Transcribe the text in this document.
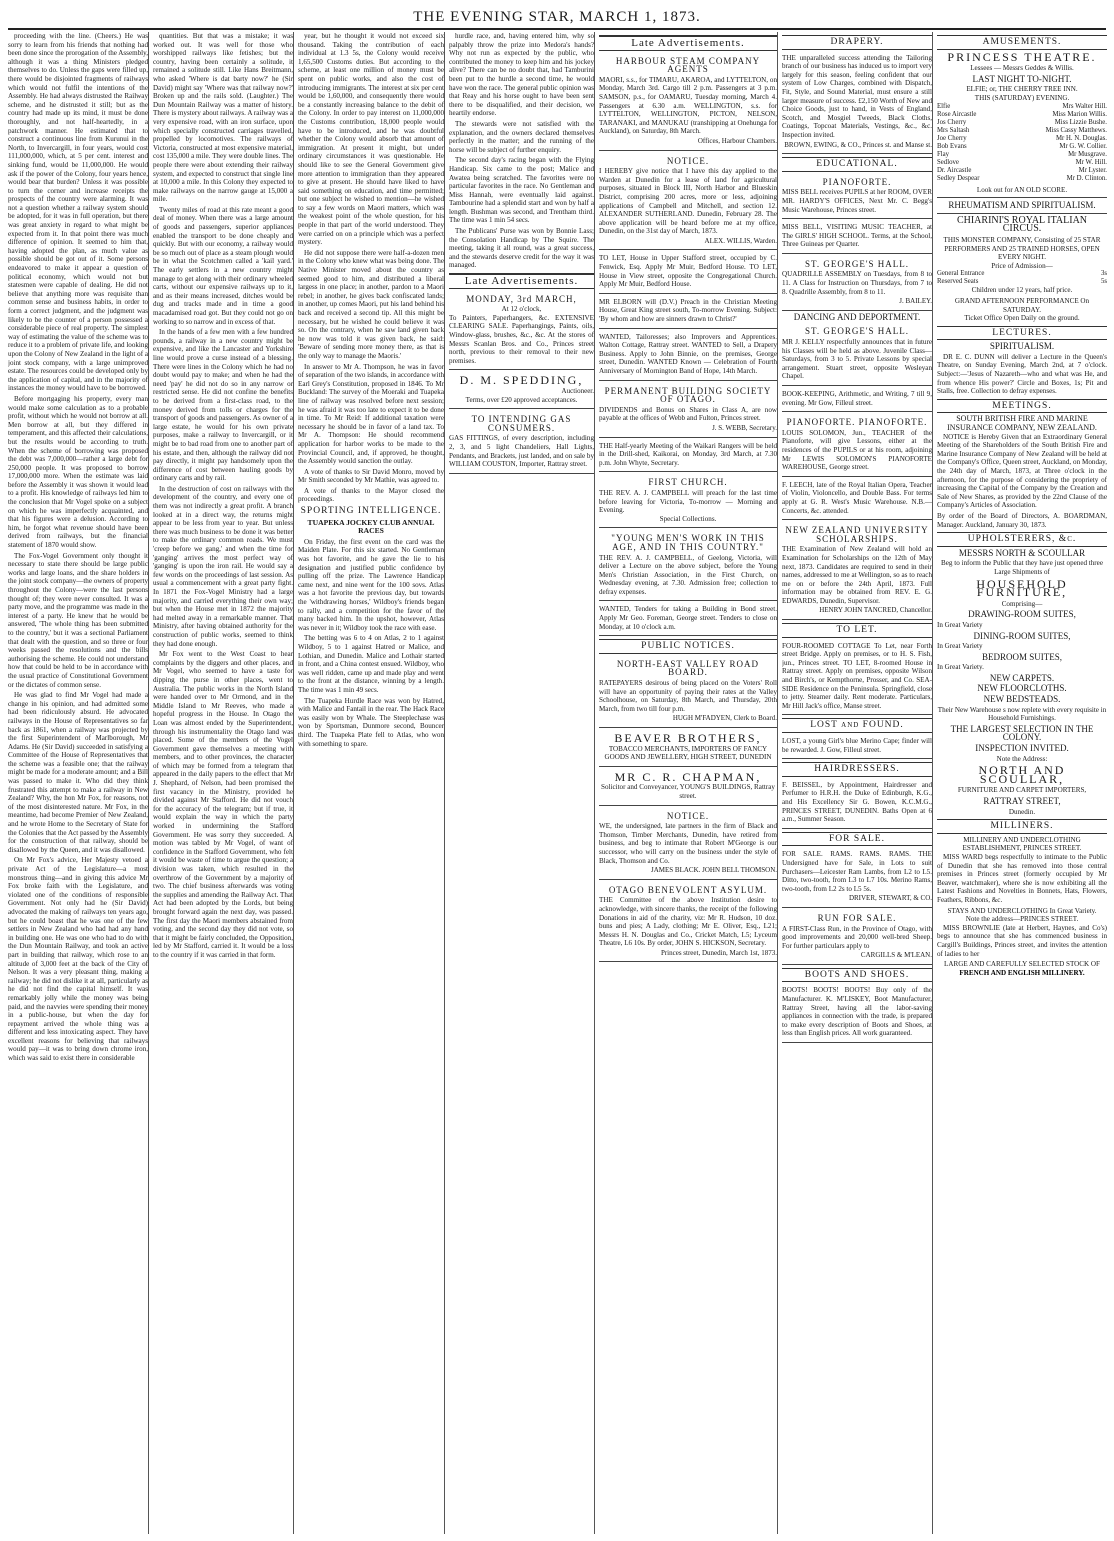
THE EVENING STAR, MARCH 1, 1873.

proceeding with the line. (Cheers.) He was sorry to learn from his friends that nothing had been done since the prorogation of the Assembly, although it was a thing Ministers pledged themselves to do. Unless the gaps were filled up, there would be disjointed fragments of railways which would not fulfil the intentions of the Assembly. He had always distrusted the Railway scheme, and he distrusted it still; but as the country had made up its mind, it must be done thoroughly, and not half-heartedly, in a patchwork manner. He estimated that to construct a continuous line from Kurunui in the North, to Invercargill, in four years, would cost 111,000,000, which, at 5 per cent. interest and sinking fund, would be 11,000,000. He would ask if the power of the Colony, four years hence, would bear that burden? Unless it was possible to turn the corner and increase receipts the prospects of the country were alarming. It was not a question whether a railway system should be adopted, for it was in full operation, but there was great anxiety in regard to what might be expected from it. In that point there was much difference of opinion. It seemed to him that, having adopted the plan, as much value as possible should be got out of it. Some persons endeavored to make it appear a question of political economy, which would not but statesmen were capable of dealing. He did not believe that anything more was requisite than common sense and business habits, in order to form a correct judgment, and the judgment was likely to be the counter of a person possessed a considerable piece of real property. The simplest way of estimating the value of the scheme was to reduce it to a problem of private life, and looking upon the Colony of New Zealand in the light of a joint stock company, with a large unimproved estate. The resources could be developed only by the application of capital, and in the majority of instances the money would have to be borrowed.

Before mortgaging his property, every man would make some calculation as to a probable profit, without which he would not borrow at all. Men borrow at all, but they differed in temperament, and this affected their calculations, but the results would be according to truth. When the scheme of borrowing was proposed the debt was 7,000,000—rather a large debt for 250,000 people. It was proposed to borrow 17,000,000 more. When the estimate was laid before the Assembly it was shown it would lead to a profit. His knowledge of railways led him to the conclusion that Mr Vogel spoke on a subject on which he was imperfectly acquainted, and that his figures were a delusion. According to him, he forgot what revenue should have been derived from railways, but the financial statement of 1870 would show.

The Fox-Vogel Government only thought it necessary to state there should be large public works and large loans, and the share holders in the joint stock company—the owners of property throughout the Colony—were the last persons thought of; they were never consulted. It was a party move, and the programme was made in the interest of a party. He knew that he would be answered, 'The whole thing has been submitted to the country,' but it was a sectional Parliament that dealt with the question, and so three or four weeks passed the resolutions and the bills authorising the scheme. He could not understand how that could be held to be in accordance with the usual practice of Constitutional Government or the dictates of common sense.

He was glad to find Mr Vogel had made a change in his opinion, and had admitted some had been ridiculously absurd. He advocated railways in the House of Representatives so far back as 1861, when a railway was projected by the first Superintendent of Marlborough, Mr Adams. He (Sir David) succeeded in satisfying a Committee of the House of Representatives that the scheme was a feasible one; that the railway might be made for a moderate amount; and a Bill was passed to make it. Who did they think frustrated this attempt to make a railway in New Zealand? Why, the hon Mr Fox, for reasons, not of the most disinterested nature. Mr Fox, in the meantime, had become Premier of New Zealand, and he wrote Home to the Secretary of State for the Colonies that the Act passed by the Assembly for the construction of that railway, should be disallowed by the Queen, and it was disallowed.

On Mr Fox's advice, Her Majesty vetoed a private Act of the Legislature—a most monstrous thing—and in giving this advice Mr Fox broke faith with the Legislature, and violated one of the conditions of responsible Government. Not only had he (Sir David) advocated the making of railways ten years ago, but he could boast that he was one of the few settlers in New Zealand who had had any hand in building one. He was one who had to do with the Dun Mountain Railway, and took an active part in building that railway, which rose to an altitude of 3,000 feet at the back of the City of Nelson. It was a very pleasant thing, making a railway; he did not dislike it at all, particularly as he did not find the capital himself. It was remarkably jolly while the money was being paid, and the navvies were spending their money in a public-house, but when the day for repayment arrived the whole thing was a different and less intoxicating aspect. They have excellent reasons for believing that railways would pay—it was to bring down chrome iron, which was said to exist there in considerable

quantities. But that was a mistake; it was worked out. It was well for those who worshipped railways like fetishes; but the country, having been certainly a solitude, it remained a solitude still. Like Hans Breitmann, who asked 'Where is dat barty now?' he (Sir David) might say 'Where was that railway now?' Broken up and the rails sold. (Laughter.) The Dun Mountain Railway was a matter of history. There is mystery about railways. A railway was a very expensive road, with an iron surface, upon which specially constructed carriages travelled, propelled by locomotives. The railways of Victoria, constructed at most expensive material, cost 135,000 a mile. They were double lines. The people there were about extending their railway system, and expected to construct that single line at 10,000 a mile. In this Colony they expected to make railways on the narrow gauge at 15,000 a mile.

Twenty miles of road at this rate meant a good deal of money. When there was a large amount of goods and passengers, superior appliances enabled the transport to be done cheaply and quickly. But with our economy, a railway would be so much out of place as a steam plough would be in what the Scotchmen called a 'kail yard.' The early settlers in a new country might manage to get along with their ordinary wheeled carts, without our expensive railways up to it, and as their means increased, ditches would be dug and tracks made and in time a good macadamised road got. But they could not go on working to so narrow and in excess of that.

In the hands of a few men with a few hundred pounds, a railway in a new country might be expensive, and like the Lancaster and Yorkshire line would prove a curse instead of a blessing. There were lines in the Colony which he had no doubt would pay to make; and when he had the need 'pay' he did not do so in any narrow or restricted sense. He did not confine the benefits to be derived from a first-class road, to the money derived from tolls or charges for the transport of goods and passengers. As owner of a large estate, he would for his own private purposes, make a railway to Invercargill, or it might be to bad road from one to another part of his estate, and then, although the railway did not pay directly, it might pay handsomely upon the difference of cost between hauling goods by ordinary carts and by rail.

In the destruction of cost on railways with the development of the country, and every one of them was not indirectly a great profit. A branch looked at in a direct way, the returns might appear to be less from year to year. But unless there was much business to be done it was better to make the ordinary common roads. We must 'creep before we gang,' and when the time for 'ganging' arrives the most perfect way of 'ganging' is upon the iron rail. He would say a few words on the proceedings of last session. As usual a commencement with a great party fight. In 1871 the Fox-Vogel Ministry had a large majority, and carried everything their own way; but when the House met in 1872 the majority had melted away in a remarkable manner. That Ministry, after having obtained authority for the construction of public works, seemed to think they had done enough.

Mr Fox went to the West Coast to hear complaints by the diggers and other places, and Mr Vogel, who seemed to have a taste for dipping the purse in other places, went to Australia. The public works in the North Island were handed over to Mr Ormond, and in the Middle Island to Mr Reeves, who made a hopeful progress in the House. In Otago the Loan was almost ended by the Superintendent, through his instrumentality the Otago land was placed. Some of the members of the Vogel Government gave themselves a meeting with members, and to other provinces, the character of which may be formed from a telegram that appeared in the daily papers to the effect that Mr J. Shephard, of Nelson, had been promised the first vacancy in the Ministry, provided he divided against Mr Stafford. He did not vouch for the accuracy of the telegram; but if true, it would explain the way in which the party worked in undermining the Stafford Government. He was sorry they succeeded. A motion was tabled by Mr Vogel, of want of confidence in the Stafford Government, who felt it would be waste of time to argue the question; a division was taken, which resulted in the overthrow of the Government by a majority of two. The chief business afterwards was voting the supplies and amending the Railway Act. That Act had been adopted by the Lords, but being brought forward again the next day, was passed. The first day the Maori members abstained from voting, and the second day they did not vote, so that it might be fairly concluded, the Opposition, led by Mr Stafford, carried it. It would be a loss to the country if it was carried in that form.

year, but he thought it would not exceed six thousand. Taking the contribution of each individual at 1.3 5s, the Colony would receive 1,65,500 Customs duties. But according to the scheme, at least one million of money must be spent on public works, and also the cost of introducing immigrants. The interest at six per cent would be 1,60,000, and consequently there would be a constantly increasing balance to the debit of the Colony. In order to pay interest on 11,000,000 the Customs contribution, 18,000 people would have to be introduced, and he was doubtful whether the Colony would absorb that amount of immigration. At present it might, but under ordinary circumstances it was questionable. He should like to see the General Government give more attention to immigration than they appeared to give at present. He should have liked to have said something on education, and time permitted; but one subject he wished to mention—he wished to say a few words on Maori matters, which was the weakest point of the whole question, for his people in that part of the world understood. They were carried on on a principle which was a perfect mystery.

He did not suppose there were half-a-dozen men in the Colony who knew what was being done. The Native Minister moved about the country as seemed good to him, and distributed a liberal largess in one place; in another, pardon to a Maori rebel; in another, he gives back confiscated lands; in another, up comes Maori, put his land behind his back and received a second tip. All this might be necessary, but he wished he could believe it was so. On the contrary, when he saw land given back he now was told it was given back, he said: 'Beware of sending more money there, as that is the only way to manage the Maoris.'

In answer to Mr A. Thompson, he was in favor of separation of the two islands, in accordance with Earl Grey's Constitution, proposed in 1846. To Mr Buckland: The survey of the Moeraki and Tuapeka line of railway was resolved before next session; he was afraid it was too late to expect it to be done in time. To Mr Reid: If additional taxation were necessary he should be in favor of a land tax. To Mr A. Thompson: He should recommend application for harbor works to be made to the Provincial Council, and, if approved, he thought, the Assembly would sanction the outlay.

A vote of thanks to Sir David Monro, moved by Mr Smith seconded by Mr Mathie, was agreed to.

A vote of thanks to the Mayor closed the proceedings.

SPORTING INTELLIGENCE.
TUAPEKA JOCKEY CLUB ANNUAL RACES

On Friday, the first event on the card was the Maiden Plate. For this six started. No Gentleman was hot favorite, and he gave the lie to his designation and justified public confidence by pulling off the prize. The Lawrence Handicap came next, and nine went for the 100 sovs. Atlas was a hot favorite the previous day, but towards the 'withdrawing horses,' Wildboy's friends began to rally, and a competition for the favor of the many backed him. In the upshot, however, Atlas was never in it; Wildboy took the race with ease.

The betting was 6 to 4 on Atlas, 2 to 1 against Wildboy, 5 to 1 against Hatred or Malice, and Lothian, and Dunedin. Malice and Lothair started in front, and a China contest ensued. Wildboy, who was well ridden, came up and made play and went to the front at the distance, winning by a length. The time was 1 min 49 secs.

The Tuapeka Hurdle Race was won by Hatred, with Malice and Fantail in the rear. The Hack Race was easily won by Whale. The Steeplechase was won by Sportsman, Dunmore second, Bouncer third. The Tuapeka Plate fell to Atlas, who won with something to spare.

hurdle race, and, having entered him, why so palpably throw the prize into Medora's hands? Why not run as expected by the public, who contributed the money to keep him and his jockey alive? There can be no doubt that, had Tamburini been put to the hurdle a second time, he would have won the race. The general public opinion was that Reay and his horse ought to have been sent there to be disqualified, and their decision, we heartily endorse.

The stewards were not satisfied with the explanation, and the owners declared themselves perfectly in the matter; and the running of the horse will be subject of further enquiry.

The second day's racing began with the Flying Handicap. Six came to the post; Malice and Awatea being scratched. The favorites were no particular favorites in the race. No Gentleman and Miss Hannah, were eventually laid against. Tambourine had a splendid start and won by half a length. Bushman was second, and Trentham third. The time was 1 min 54 secs.

The Publicans' Purse was won by Bonnie Lass; the Consolation Handicap by The Squire. The meeting, taking it all round, was a great success, and the stewards deserve credit for the way it was managed.

Late Advertisements.
MONDAY, 3rd MARCH,
At 12 o'clock,
To Painters, Paperhangers, &c. EXTENSIVE CLEARING SALE. Paperhangings, Paints, oils, Window-glass, brushes, &c., &c. At the stores of Messrs Scanlan Bros. and Co., Princes street north, previous to their removal to their new premises.
D. M. SPEDDING,
Auctioneer.
Terms, over £20 approved acceptances.
TO INTENDING GAS CONSUMERS.
GAS FITTINGS, of every description, including 2, 3, and 5 light Chandeliers, Hall Lights, Pendants, and Brackets, just landed, and on sale by WILLIAM COUSTON, Importer, Rattray street.
Late Advertisements.
HARBOUR STEAM COMPANY AGENTS
MAORI, s.s., for TIMARU, AKAROA, and LYTTELTON, on Monday, March 3rd. Cargo till 2 p.m. Passengers at 3 p.m. SAMSON, p.s., for OAMARU, Tuesday morning, March 4. Passengers at 6.30 a.m. WELLINGTON, s.s. for LYTTELTON, WELLINGTON, PICTON, NELSON, TARANAKI, and MANUKAU (transhipping at Onehunga for Auckland), on Saturday, 8th March.
Offices, Harbour Chambers.
NOTICE.
I HEREBY give notice that I have this day applied to the Warden at Dunedin for a lease of land for agricultural purposes, situated in Block III, North Harbor and Blueskin District, comprising 200 acres, more or less, adjoining applications of Campbell and Mitchell, and section 12. ALEXANDER SUTHERLAND. Dunedin, February 28. The above application will be heard before me at my office, Dunedin, on the 31st day of March, 1873.
ALEX. WILLIS, Warden.
TO LET, House in Upper Stafford street, occupied by C. Fenwick, Esq. Apply Mr Muir, Bedford House. TO LET, House in View street, opposite the Congregational Church. Apply Mr Muir, Bedford House.
MR ELBORN will (D.V.) Preach in the Christian Meeting House, Great King street south, To-morrow Evening. Subject: 'By whom and how are sinners drawn to Christ?'
WANTED, Tailoresses; also Improvers and Apprentices. Walton Cottage, Rattray street. WANTED to Sell, a Drapery Business. Apply to John Binnie, on the premises, George street, Dunedin. WANTED Known — Celebration of Fourth Anniversary of Mornington Band of Hope, 14th March.
PERMANENT BUILDING SOCIETY OF OTAGO.
DIVIDENDS and Bonus on Shares in Class A, are now payable at the offices of Webb and Fulton, Princes street.
J. S. WEBB, Secretary.
THE Half-yearly Meeting of the Waikari Rangers will be held in the Drill-shed, Kaikorai, on Monday, 3rd March, at 7.30 p.m. John Whyte, Secretary.
FIRST CHURCH.
THE REV. A. J. CAMPBELL will preach for the last time before leaving for Victoria, To-morrow — Morning and Evening.
Special Collections.
"YOUNG MEN'S WORK IN THIS AGE, AND IN THIS COUNTRY."
THE REV. A. J. CAMPBELL, of Geelong, Victoria, will deliver a Lecture on the above subject, before the Young Men's Christian Association, in the First Church, on Wednesday evening, at 7.30. Admission free; collection to defray expenses.
WANTED, Tenders for taking a Building in Bond street. Apply Mr Geo. Foreman, George street. Tenders to close on Monday, at 10 o'clock a.m.
PUBLIC NOTICES.
NORTH-EAST VALLEY ROAD BOARD.
RATEPAYERS desirous of being placed on the Voters' Roll will have an opportunity of paying their rates at the Valley Schoolhouse, on Saturday, 8th March, and Thursday, 20th March, from two till four p.m.
HUGH M'FADYEN, Clerk to Board.
BEAVER BROTHERS,
TOBACCO MERCHANTS, IMPORTERS OF FANCY GOODS AND JEWELLERY, HIGH STREET, DUNEDIN
MR C. R. CHAPMAN,
Solicitor and Conveyancer, YOUNG'S BUILDINGS, Rattray street.
NOTICE.
WE, the undersigned, late partners in the firm of Black and Thomson, Timber Merchants, Dunedin, have retired from business, and beg to intimate that Robert M'George is our successor, who will carry on the business under the style of Black, Thomson and Co.
JAMES BLACK. JOHN BELL THOMSON.
OTAGO BENEVOLENT ASYLUM.
THE Committee of the above Institution desire to acknowledge, with sincere thanks, the receipt of the following Donations in aid of the charity, viz: Mr R. Hudson, 10 doz. buns and pies; A Lady, clothing; Mr E. Oliver, Esq., L21; Messrs H. N. Douglas and Co., Cricket Match, L5; Lyceum Theatre, L6 10s. By order, JOHN S. HICKSON, Secretary.
Princes street, Dunedin, March 1st, 1873.
DRAPERY.
THE unparalleled success attending the Tailoring branch of our business has induced us to import very largely for this season, feeling confident that our system of Low Charges, combined with Dispatch, Fit, Style, and Sound Material, must ensure a still larger measure of success. £2,150 Worth of New and Choice Goods, just to hand, in Vests of England, Scotch, and Mosgiel Tweeds, Black Cloths, Coatings, Topcoat Materials, Vestings, &c., &c. Inspection invited.
BROWN, EWING, & CO., Princes st. and Manse st.
EDUCATIONAL.
PIANOFORTE.
MISS BELL receives PUPILS at her ROOM, OVER MR. HARDY'S OFFICES, Next Mr. C. Begg's Music Warehouse, Princes street.
MISS BELL, VISITING MUSIC TEACHER, at The GIRLS' HIGH SCHOOL. Terms, at the School, Three Guineas per Quarter.
ST. GEORGE'S HALL.
QUADRILLE ASSEMBLY on Tuesdays, from 8 to 11. A Class for Instruction on Thursdays, from 7 to 8. Quadrille Assembly, from 8 to 11.
J. BAILEY.
DANCING AND DEPORTMENT.
ST. GEORGE'S HALL.
MR J. KELLY respectfully announces that in future his Classes will be held as above. Juvenile Class—Saturdays, from 3 to 5. Private Lessons by special arrangement. Stuart street, opposite Wesleyan Chapel.
BOOK-KEEPING, Arithmetic, and Writing, 7 till 9, evening. Mr Gow, Filleul street.
PIANOFORTE. PIANOFORTE.
LOUIS SOLOMON, Jun., TEACHER of the Pianoforte, will give Lessons, either at the residences of the PUPILS or at his room, adjoining Mr LEWIS SOLOMON'S PIANOFORTE WAREHOUSE, George street.
F. LEECH, late of the Royal Italian Opera, Teacher of Violin, Violoncello, and Double Bass. For terms apply at G. R. West's Music Warehouse. N.B.—Concerts, &c. attended.
NEW ZEALAND UNIVERSITY SCHOLARSHIPS.
THE Examination of New Zealand will hold an Examination for Scholarships on the 12th of May next, 1873. Candidates are required to send in their names, addressed to me at Wellington, so as to reach me on or before the 24th April, 1873. Full information may be obtained from REV. E. G. EDWARDS, Dunedin, Supervisor.
HENRY JOHN TANCRED, Chancellor.
TO LET.
FOUR-ROOMED COTTAGE To Let, near Forth street Bridge. Apply on premises, or to H. S. Fish, jun., Princes street. TO LET, 8-roomed House in Rattray street. Apply on premises, opposite Wilson and Birch's, or Kempthorne, Prosser, and Co. SEA-SIDE Residence on the Peninsula. Springfield, close to jetty. Steamer daily. Rent moderate. Particulars, Mr Hill Jack's office, Manse street.
LOST and FOUND.
LOST, a young Girl's blue Merino Cape; finder will be rewarded. J. Gow, Filleul street.
HAIRDRESSERS.
F. BEISSEL, by Appointment, Hairdresser and Perfumer to H.R.H. the Duke of Edinburgh, K.G., and His Excellency Sir G. Bowen, K.C.M.G., PRINCES STREET, DUNEDIN. Baths Open at 6 a.m., Summer Season.
FOR SALE.
FOR SALE. RAMS. RAMS. RAMS. THE Undersigned have for Sale, in Lots to suit Purchasers—Leicester Ram Lambs, from L2 to L5. Ditto, two-tooth, from L3 to L7 10s. Merino Rams, two-tooth, from L2 2s to L5 5s.
DRIVER, STEWART, & CO.
RUN FOR SALE.
A FIRST-Class Run, in the Province of Otago, with good improvements and 20,000 well-bred Sheep. For further particulars apply to
CARGILLS & M'LEAN.
BOOTS AND SHOES.
BOOTS! BOOTS! BOOTS! Buy only of the Manufacturer. K. M'LISKEY, Boot Manufacturer, Rattray Street, having all the labor-saving appliances in connection with the trade, is prepared to make every description of Boots and Shoes, at less than English prices. All work guaranteed.
AMUSEMENTS.
PRINCESS THEATRE.
Lessees — Messrs Geddes & Willis.
LAST NIGHT TO-NIGHT.
ELFIE; or, THE CHERRY TREE INN.
THIS (SATURDAY) EVENING.
Elfie	Mrs Walter Hill.
Rose Aircastle	Miss Marion Willis.
Jos Cherry	Miss Lizzie Bushe.
Mrs Saltash	Miss Cassy Matthews.
Joe Cherry	Mr H. N. Douglas.
Bob Evans	Mr G. W. Collier.
Flay	Mr Musgrave.
Sedlove	Mr W. Hill.
Dr. Aircastle	Mr Lyster.
Sedley Despear	Mr D. Clinton.
Look out for AN OLD SCORE.
RHEUMATISM AND SPIRITUALISM.
CHIARINI'S ROYAL ITALIAN CIRCUS.
THIS MONSTER COMPANY, Consisting of 25 STAR PERFORMERS AND 25 TRAINED HORSES, OPEN EVERY NIGHT.
Price of Admission—
General Entrance	3s
Reserved Seats	5s
Children under 12 years, half price.
GRAND AFTERNOON PERFORMANCE On SATURDAY.
Ticket Office Open Daily on the ground.
LECTURES.
SPIRITUALISM.

DR E. C. DUNN will deliver a Lecture in the Queen's Theatre, on Sunday Evening, March 2nd, at 7 o'clock. Subject:—'Jesus of Nazareth—who and what was He, and from whence His power?' Circle and Boxes, 1s; Pit and Stalls, free. Collection to defray expenses.

MEETINGS.
SOUTH BRITISH FIRE AND MARINE INSURANCE COMPANY, NEW ZEALAND.

NOTICE is Hereby Given that an Extraordinary General Meeting of the Shareholders of the South British Fire and Marine Insurance Company of New Zealand will be held at the Company's Office, Queen street, Auckland, on Monday, the 24th day of March, 1873, at Three o'clock in the afternoon, for the purpose of considering the propriety of increasing the Capital of the Company by the Creation and Sale of New Shares, as provided by the 22nd Clause of the Company's Articles of Association.

By order of the Board of Directors, A. BOARDMAN, Manager. Auckland, January 30, 1873.
UPHOLSTERERS, &c.
MESSRS NORTH & SCOULLAR
Beg to inform the Public that they have just opened three Large Shipments of
HOUSEHOLD FURNITURE,
Comprising—
DRAWING-ROOM SUITES,
In Great Variety
DINING-ROOM SUITES,
In Great Variety
BEDROOM SUITES,
In Great Variety.
NEW CARPETS.
NEW FLOORCLOTHS.
NEW BEDSTEADS.
Their New Warehouse s now replete with every requisite in Household Furnishings.
THE LARGEST SELECTION IN THE COLONY.
INSPECTION INVITED.
Note the Address:
NORTH AND SCOULLAR,
FURNITURE AND CARPET IMPORTERS,
RATTRAY STREET,
Dunedin.
MILLINERS.
MILLINERY AND UNDERCLOTHING ESTABLISHMENT, PRINCES STREET.

MISS WARD begs respectfully to intimate to the Public of Dunedin that she has removed into those central premises in Princes street (formerly occupied by Mr Beaver, watchmaker), where she is now exhibiting all the Latest Fashions and Novelties in Bonnets, Hats, Flowers, Feathers, Ribbons, &c.

STAYS AND UNDERCLOTHING In Great Variety.
Note the address—PRINCES STREET.

MISS BROWNLIE (late at Herbert, Haynes, and Co's) begs to announce that she has commenced business in Cargill's Buildings, Princes street, and invites the attention of ladies to her

LARGE AND CAREFULLY SELECTED STOCK OF
FRENCH AND ENGLISH MILLINERY.
